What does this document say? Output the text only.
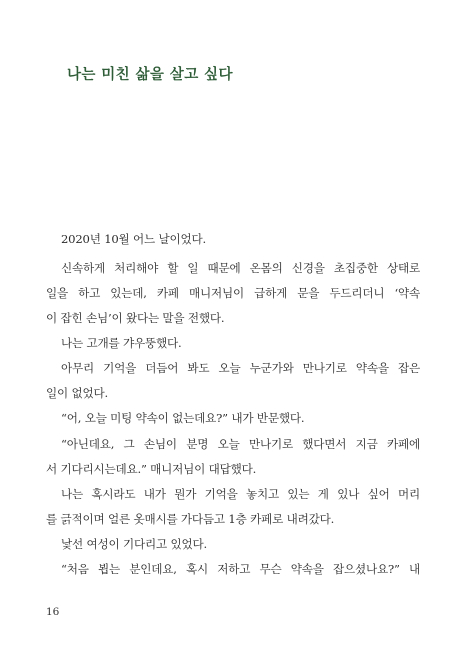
나는 미친 삶을 살고 싶다
2020년 10월 어느 날이었다.
신속하게 처리해야 할 일 때문에 온몸의 신경을 초집중한 상태로
일을 하고 있는데, 카페 매니저님이 급하게 문을 두드리더니 ‘약속
이 잡힌 손님’이 왔다는 말을 전했다.
나는 고개를 갸우뚱했다.
아무리 기억을 더듬어 봐도 오늘 누군가와 만나기로 약속을 잡은
일이 없었다.
“어, 오늘 미팅 약속이 없는데요?” 내가 반문했다.
“아닌데요, 그 손님이 분명 오늘 만나기로 했다면서 지금 카페에
서 기다리시는데요.” 매니저님이 대답했다.
나는 혹시라도 내가 뭔가 기억을 놓치고 있는 게 있나 싶어 머리
를 긁적이며 얼른 옷매시를 가다듬고 1층 카페로 내려갔다.
낯선 여성이 기다리고 있었다.
“처음 뵙는 분인데요, 혹시 저하고 무슨 약속을 잡으셨나요?” 내
16
